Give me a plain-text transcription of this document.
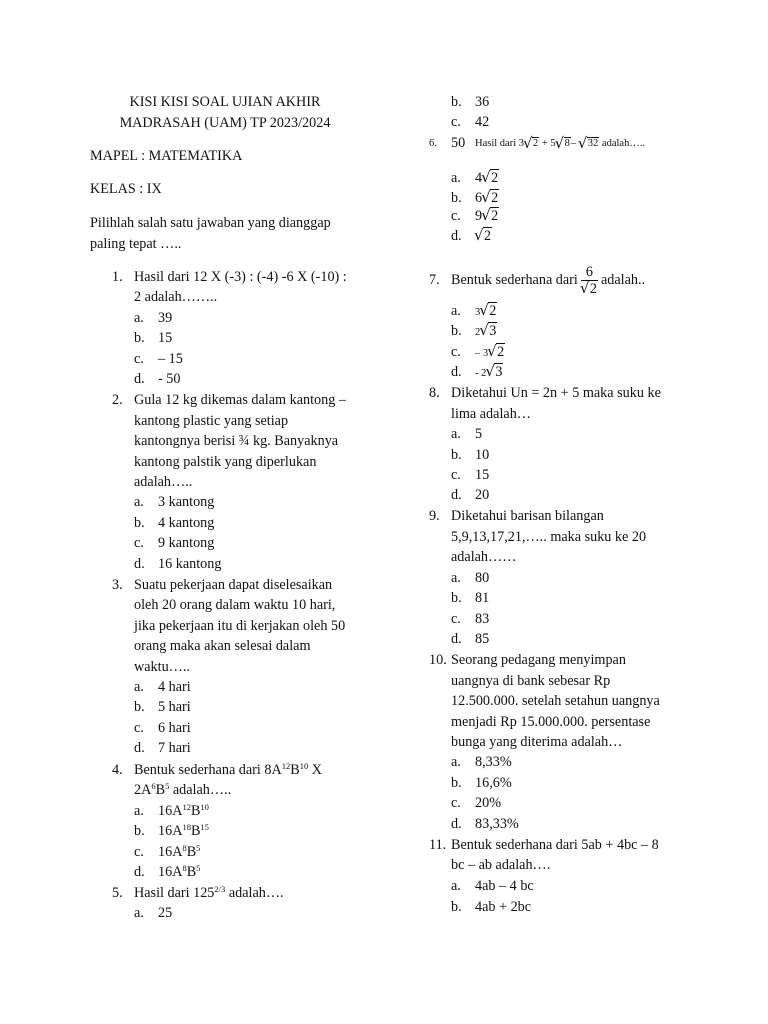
KISI KISI SOAL UJIAN AKHIR
MADRASAH (UAM) TP 2023/2024
MAPEL : MATEMATIKA
KELAS : IX
Pilihlah salah satu jawaban yang dianggap
paling tepat …..
1. Hasil dari 12 X (-3) : (-4) -6 X (-10) :
2 adalah……..
a. 39
b. 15
c. – 15
d. - 50
2. Gula 12 kg dikemas dalam kantong –
kantong plastic yang setiap
kantongnya berisi ¾ kg. Banyaknya
kantong palstik yang diperlukan
adalah…..
a. 3 kantong
b. 4 kantong
c. 9 kantong
d. 16 kantong
3. Suatu pekerjaan dapat diselesaikan
oleh 20 orang dalam waktu 10 hari,
jika pekerjaan itu di kerjakan oleh 50
orang maka akan selesai dalam
waktu…..
a. 4 hari
b. 5 hari
c. 6 hari
d. 7 hari
4. Bentuk sederhana dari $8A^{12}B^{10}$ X
$2A^6B^5$ adalah…..
a. $16A^{12}B^{10}$
b. $16A^{18}B^{15}$
c. $16A^8B^5$
d. $16A^8B^5$
5. Hasil dari $125^{2/3}$ adalah….
a. 25
b. 36
c. 42
6. 50 Hasil dari 3 √ 2 + 5 √ 8– √ 32 adalah…..
a. 4 √ 2
b. 6 √ 2
c. 9 √ 2
d.	√ 2
7. Bentuk sederhana dari 6
√ 2 adalah..
a. 3 √ 2
b. 2 √ 3
c. – 3 √ 2
d. - 2 √ 3
8. Diketahui Un = 2n + 5 maka suku ke
lima adalah…
a. 5
b. 10
c. 15
d. 20
9. Diketahui barisan bilangan
5,9,13,17,21,….. maka suku ke 20
adalah……
a. 80
b. 81
c. 83
d. 85
10. Seorang pedagang menyimpan
uangnya di bank sebesar Rp
12.500.000. setelah setahun uangnya
menjadi Rp 15.000.000. persentase
bunga yang diterima adalah…
a. 8,33%
b. 16,6%
c. 20%
d. 83,33%
11. Bentuk sederhana dari 5ab + 4bc – 8
bc – ab adalah….
a. 4ab – 4 bc
b. 4ab + 2bc
